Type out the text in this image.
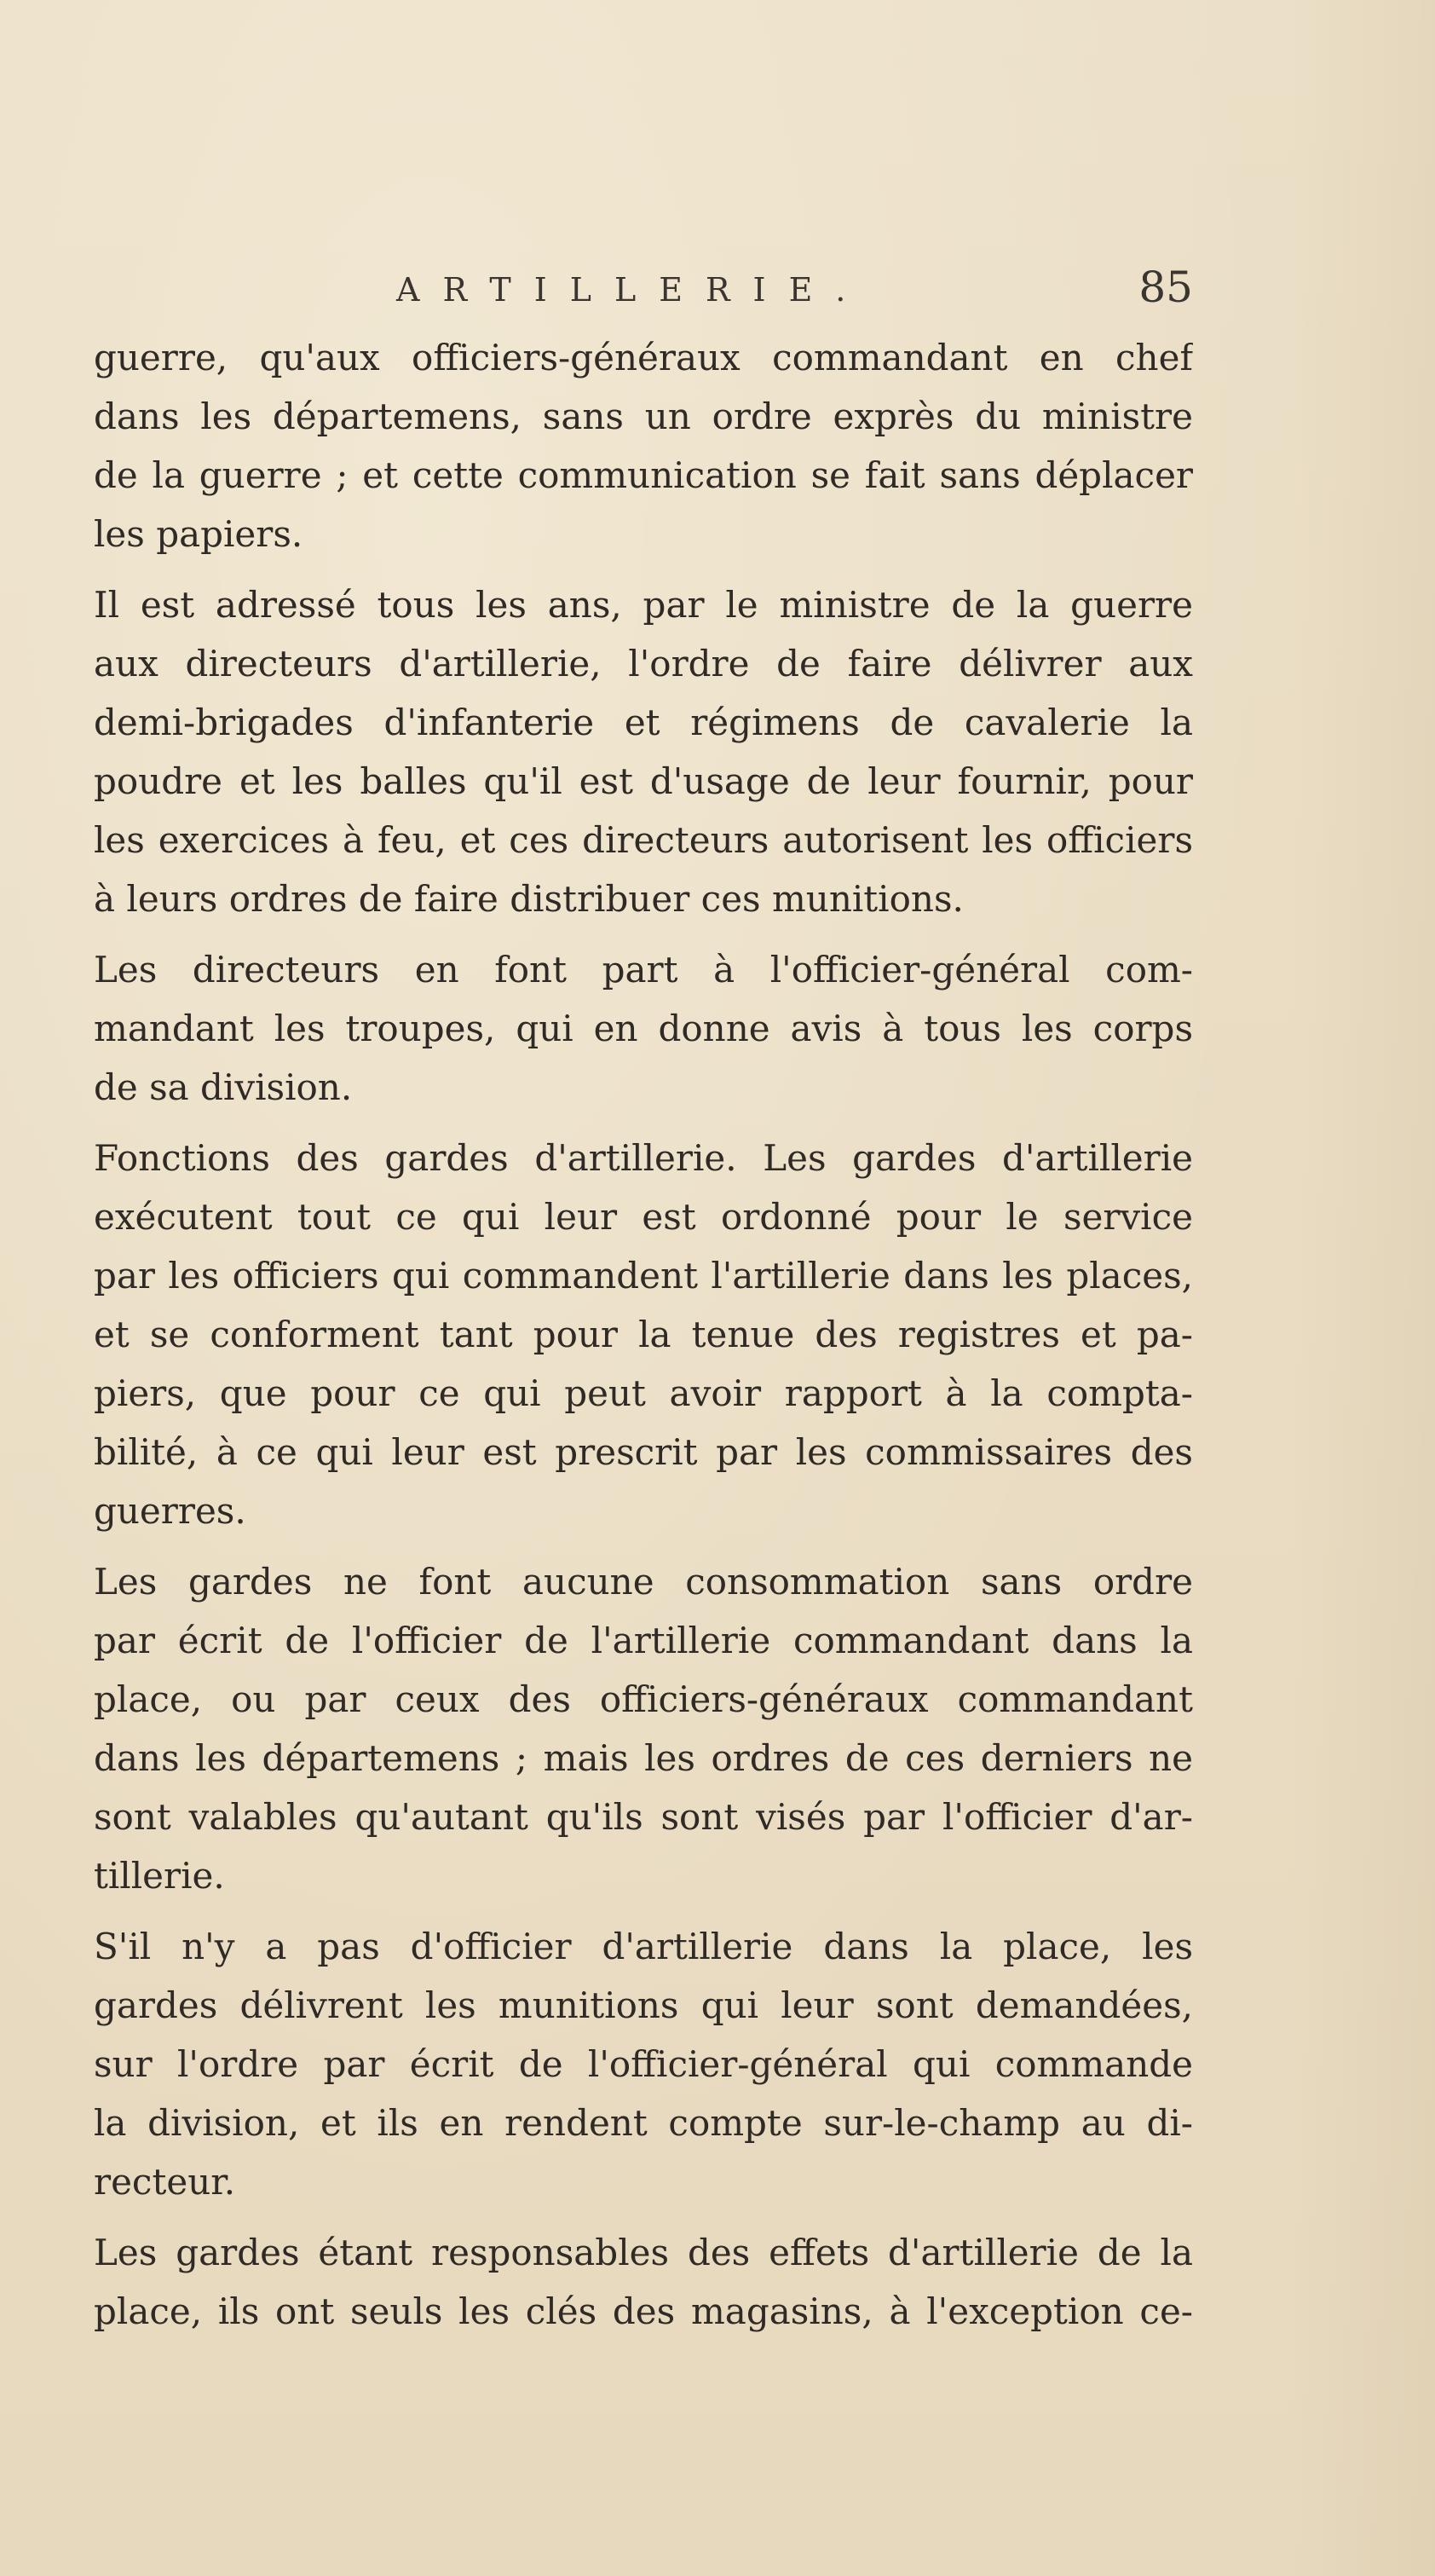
ARTILLERIE.	85
guerre, qu'aux officiers-généraux commandant en chef
dans les départemens, sans un ordre exprès du ministre
de la guerre ; et cette communication se fait sans déplacer
les papiers.
Il est adressé tous les ans, par le ministre de la guerre
aux directeurs d'artillerie, l'ordre de faire délivrer aux
demi-brigades d'infanterie et régimens de cavalerie la
poudre et les balles qu'il est d'usage de leur fournir, pour
les exercices à feu, et ces directeurs autorisent les officiers
à leurs ordres de faire distribuer ces munitions.
Les directeurs en font part à l'officier-général com-
mandant les troupes, qui en donne avis à tous les corps
de sa division.
Fonctions des gardes d'artillerie. Les gardes d'artillerie
exécutent tout ce qui leur est ordonné pour le service
par les officiers qui commandent l'artillerie dans les places,
et se conforment tant pour la tenue des registres et pa-
piers, que pour ce qui peut avoir rapport à la compta-
bilité, à ce qui leur est prescrit par les commissaires des
guerres.
Les gardes ne font aucune consommation sans ordre
par écrit de l'officier de l'artillerie commandant dans la
place, ou par ceux des officiers-généraux commandant
dans les départemens ; mais les ordres de ces derniers ne
sont valables qu'autant qu'ils sont visés par l'officier d'ar-
tillerie.
S'il n'y a pas d'officier d'artillerie dans la place, les
gardes délivrent les munitions qui leur sont demandées,
sur l'ordre par écrit de l'officier-général qui commande
la division, et ils en rendent compte sur-le-champ au di-
recteur.
Les gardes étant responsables des effets d'artillerie de la
place, ils ont seuls les clés des magasins, à l'exception ce-
